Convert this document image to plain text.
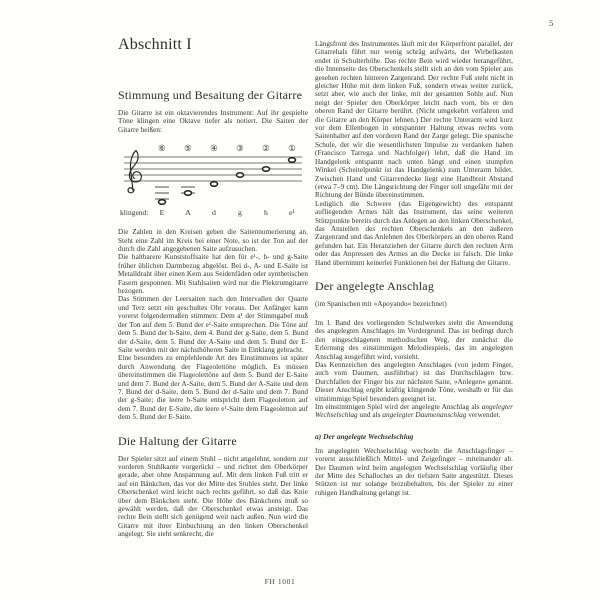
5
Abschnitt I
Stimmung und Besaitung der Gitarre

Die Gitarre ist ein oktavierendes Instrument: Auf ihr gespielte Töne klingen eine Oktave tiefer als notiert. Die Saiten der Gitarre heißen:

⑥ ⑤ ④ ③ ② ①
klingend: E	A	d	g	h	e¹

Die Zahlen in den Kreisen geben die Saitennumerierung an. Steht eine Zahl im Kreis bei einer Note, so ist der Ton auf der durch die Zahl angegebenen Saite aufzusuchen.

Die haltbarere Kunststoffsaite hat den für e¹-, h- und g-Saite früher üblichen Darmbezug abgelöst. Bei d-, A- und E-Saite ist Metalldraht über einen Kern aus Seidenfäden oder synthetischen Fasern gesponnen. Mit Stahlsaiten wird nur die Plektrumgitarre bezogen.

Das Stimmen der Leersaiten nach den Intervallen der Quarte und Terz setzt ein geschultes Ohr voraus. Der Anfänger kann vorerst folgendermaßen stimmen: Dem a¹ der Stimmgabel muß der Ton auf dem 5. Bund der e¹-Saite entsprechen. Die Töne auf dem 5. Bund der h-Saite, dem 4. Bund der g-Saite, dem 5. Bund der d-Saite, dem 5. Bund der A-Saite und dem 5. Bund der E-Saite werden mit der nächsthöheren Saite in Einklang gebracht.

Eine besonders zu empfehlende Art des Einstimmens ist später durch Anwendung der Flageolettöne möglich. Es müssen übereinstimmen die Flageolettöne auf dem 5. Bund der E-Saite und dem 7. Bund der A-Saite, dem 5. Bund der A-Saite und dem 7. Bund der d-Saite, dem 5. Bund der d-Saite und dem 7. Bund der g-Saite; die leere h-Saite entspricht dem Flageoletton auf dem 7. Bund der E-Saite, die leere e¹-Saite dem Flageoletton auf dem 5. Bund der E-Saite.

Die Haltung der Gitarre

Der Spieler sitzt auf einem Stuhl – nicht angelehnt, sondern zur vorderen Stuhlkante vorgerückt – und richtet den Oberkörper gerade, aber ohne Anspannung auf. Mit dem linken Fuß tritt er auf ein Bänkchen, das vor der Mitte des Stuhles steht. Der linke Oberschenkel wird leicht nach rechts geführt, so daß das Knie über dem Bänkchen steht. Die Höhe des Bänkchens muß so gewählt werden, daß der Oberschenkel etwas ansteigt. Das rechte Bein stellt sich genügend weit nach außen. Nun wird die Gitarre mit ihrer Einbuchtung an den linken Oberschenkel angelegt. Sie steht senkrecht, die

Längsfront des Instrumentes läuft mit der Körperfront parallel, der Gitarrehals führt nur wenig schräg aufwärts, der Wirbelkasten endet in Schulterhöhe. Das rechte Bein wird wieder herangeführt, die Innenseite des Oberschenkels stellt sich an den vom Spieler aus gesehen rechten hinteren Zargenrand. Der rechte Fuß steht nicht in gleicher Höhe mit dem linken Fuß, sondern etwas weiter zurück, setzt aber, wie auch der linke, mit der gesamten Sohle auf. Nun neigt der Spieler den Oberkörper leicht nach vorn, bis er den oberen Rand der Gitarre berührt. (Nicht umgekehrt verfahren und die Gitarre an den Körper lehnen.) Der rechte Unterarm wird kurz vor dem Ellenbogen in entspannter Haltung etwas rechts vom Saitenhalter auf den vorderen Rand der Zarge gelegt. Die spanische Schule, der wir die wesentlichsten Impulse zu verdanken haben (Francisco Tarrega und Nachfolger) lehrt, daß die Hand im Handgelenk entspannt nach unten hängt und einen stumpfen Winkel (Scheitelpunkt ist das Handgelenk) zum Unterarm bildet. Zwischen Hand und Gitarrendecke liegt eine Handbreit Abstand (etwa 7–9 cm). Die Längsrichtung der Finger soll ungefähr mit der Richtung der Bünde übereinstimmen.

Lediglich die Schwere (das Eigengewicht) des entspannt aufliegenden Armes hält das Instrument, das seine weiteren Stützpunkte bereits durch das Anlegen an den linken Oberschenkel, das Anstellen des rechten Oberschenkels an den äußeren Zargenrand und das Anlehnen des Oberkörpers an den oberen Rand gefunden hat. Ein Heranziehen der Gitarre durch den rechten Arm oder das Anpressen des Armes an die Decke ist falsch. Die linke Hand übernimmt keinerlei Funktionen bei der Haltung der Gitarre.

Der angelegte Anschlag

(im Spanischen mit »Apoyando« bezeichnet)

Im 1. Band des vorliegenden Schulwerkes steht die Anwendung des angelegten Anschlages im Vordergrund. Das ist bedingt durch den eingeschlagenen methodischen Weg, der zunächst die Erlernung des einstimmigen Melodiespiels, das im angelegten Anschlag ausgeführt wird, vorsieht.

Das Kennzeichen des angelegten Anschlages (von jedem Finger, auch vom Daumen, ausführbar) ist das Durchschlagen bzw. Durchfallen der Finger bis zur nächsten Saite, »Anlegen« genannt. Dieser Anschlag ergibt kräftig klingende Töne, weshalb er für das einstimmige Spiel besonders geeignet ist.

Im einstimmigen Spiel wird der angelegte Anschlag als angelegter Wechselschlag und als angelegter Daumenanschlag verwendet.

a) Der angelegte Wechselschlag

Im angelegten Wechselschlag wechseln die Anschlagsfinger – vorerst ausschließlich Mittel- und Zeigefinger – miteinander ab. Der Daumen wird beim angelegten Wechselschlag vorläufig über der Mitte des Schalloches an der tiefsten Saite angestützt. Dieses Stützen ist nur solange beizubehalten, bis der Spieler zu einer ruhigen Handhaltung gelangt ist.

FH 1001
